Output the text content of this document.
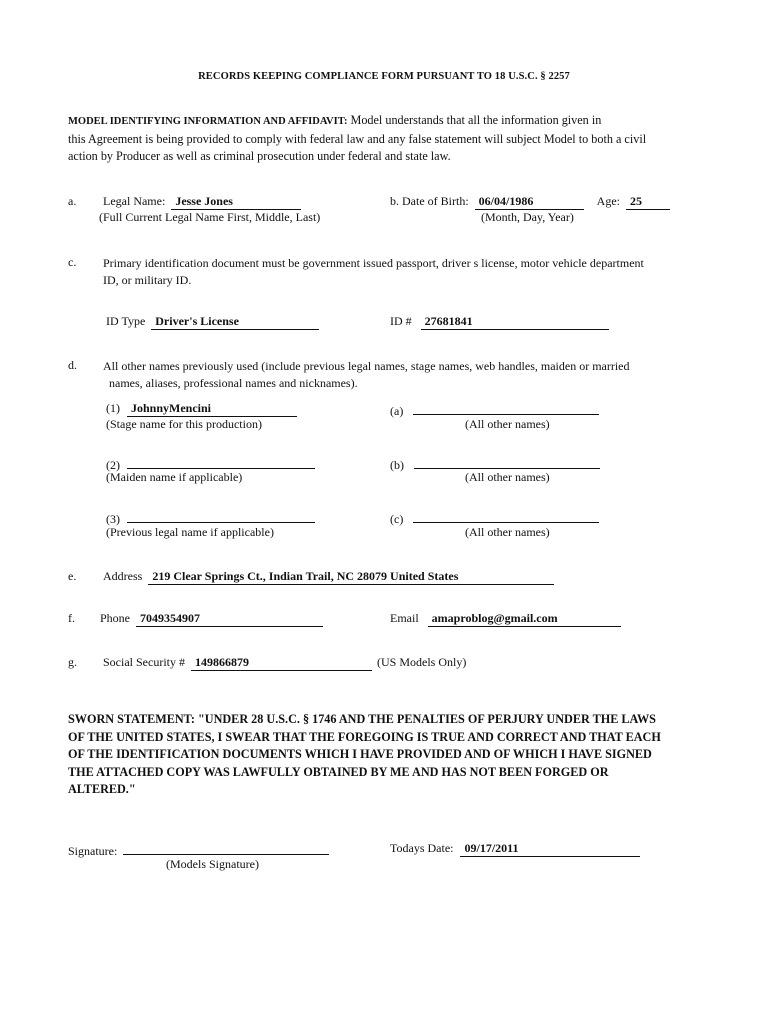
RECORDS KEEPING COMPLIANCE FORM PURSUANT TO 18 U.S.C. § 2257
MODEL IDENTIFYING INFORMATION AND AFFIDAVIT: Model understands that all the information given in
this Agreement is being provided to comply with federal law and any false statement will subject Model to both a civil
action by Producer as well as criminal prosecution under federal and state law.
a. Legal Name: Jesse Jones
(Full Current Legal Name First, Middle, Last)
b. Date of Birth: 06/04/1986	Age: 25
(Month, Day, Year)
c. Primary identification document must be government issued passport, driver s license, motor vehicle department
ID, or military ID.
ID Type Driver's License	ID # 27681841
d. All other names previously used (include previous legal names, stage names, web handles, maiden or married
names, aliases, professional names and nicknames).
(1) JohnnyMencini
(Stage name for this production)
(a)
(All other names)
(2)
(Maiden name if applicable)
(b)
(All other names)
(3)
(Previous legal name if applicable)
(c)
(All other names)
e. Address 219 Clear Springs Ct., Indian Trail, NC 28079 United States
f. Phone 7049354907	Email amaproblog@gmail.com
g. Social Security # 149866879	(US Models Only)
SWORN STATEMENT: "UNDER 28 U.S.C. § 1746 AND THE PENALTIES OF PERJURY UNDER THE LAWS
OF THE UNITED STATES, I SWEAR THAT THE FOREGOING IS TRUE AND CORRECT AND THAT EACH
OF THE IDENTIFICATION DOCUMENTS WHICH I HAVE PROVIDED AND OF WHICH I HAVE SIGNED
THE ATTACHED COPY WAS LAWFULLY OBTAINED BY ME AND HAS NOT BEEN FORGED OR
ALTERED."
Signature:
(Models Signature)
Todays Date: 09/17/2011
